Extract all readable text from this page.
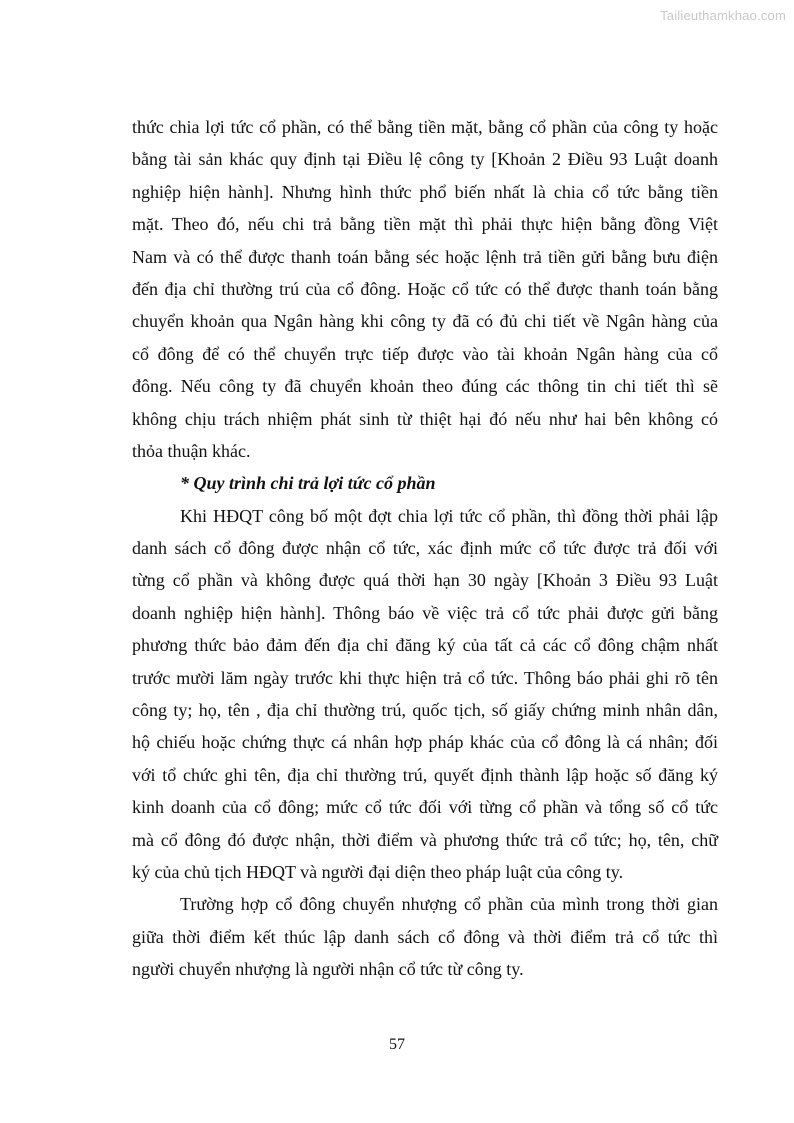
Tailieuthamkhao.com
thức chia lợi tức cổ phần, có thể bằng tiền mặt, bằng cổ phần của công ty hoặc
bằng tài sản khác quy định tại Điều lệ công ty [Khoản 2 Điều 93 Luật doanh
nghiệp hiện hành]. Nhưng hình thức phổ biến nhất là chia cổ tức bằng tiền
mặt. Theo đó, nếu chi trả bằng tiền mặt thì phải thực hiện bằng đồng Việt
Nam và có thể được thanh toán bằng séc hoặc lệnh trả tiền gửi bằng bưu điện
đến địa chỉ thường trú của cổ đông. Hoặc cổ tức có thể được thanh toán bằng
chuyển khoản qua Ngân hàng khi công ty đã có đủ chi tiết về Ngân hàng của
cổ đông để có thể chuyển trực tiếp được vào tài khoản Ngân hàng của cổ
đông. Nếu công ty đã chuyển khoản theo đúng các thông tin chi tiết thì sẽ
không chịu trách nhiệm phát sinh từ thiệt hại đó nếu như hai bên không có
thỏa thuận khác.
* Quy trình chi trả lợi tức cổ phần
Khi HĐQT công bố một đợt chia lợi tức cổ phần, thì đồng thời phải lập
danh sách cổ đông được nhận cổ tức, xác định mức cổ tức được trả đối với
từng cổ phần và không được quá thời hạn 30 ngày [Khoản 3 Điều 93 Luật
doanh nghiệp hiện hành]. Thông báo về việc trả cổ tức phải được gửi bằng
phương thức bảo đảm đến địa chỉ đăng ký của tất cả các cổ đông chậm nhất
trước mười lăm ngày trước khi thực hiện trả cổ tức. Thông báo phải ghi rõ tên
công ty; họ, tên , địa chỉ thường trú, quốc tịch, số giấy chứng minh nhân dân,
hộ chiếu hoặc chứng thực cá nhân hợp pháp khác của cổ đông là cá nhân; đối
với tổ chức ghi tên, địa chỉ thường trú, quyết định thành lập hoặc số đăng ký
kinh doanh của cổ đông; mức cổ tức đối với từng cổ phần và tổng số cổ tức
mà cổ đông đó được nhận, thời điểm và phương thức trả cổ tức; họ, tên, chữ
ký của chủ tịch HĐQT và người đại diện theo pháp luật của công ty.
Trường hợp cổ đông chuyển nhượng cổ phần của mình trong thời gian
giữa thời điểm kết thúc lập danh sách cổ đông và thời điểm trả cổ tức thì
người chuyển nhượng là người nhận cổ tức từ công ty.
57
